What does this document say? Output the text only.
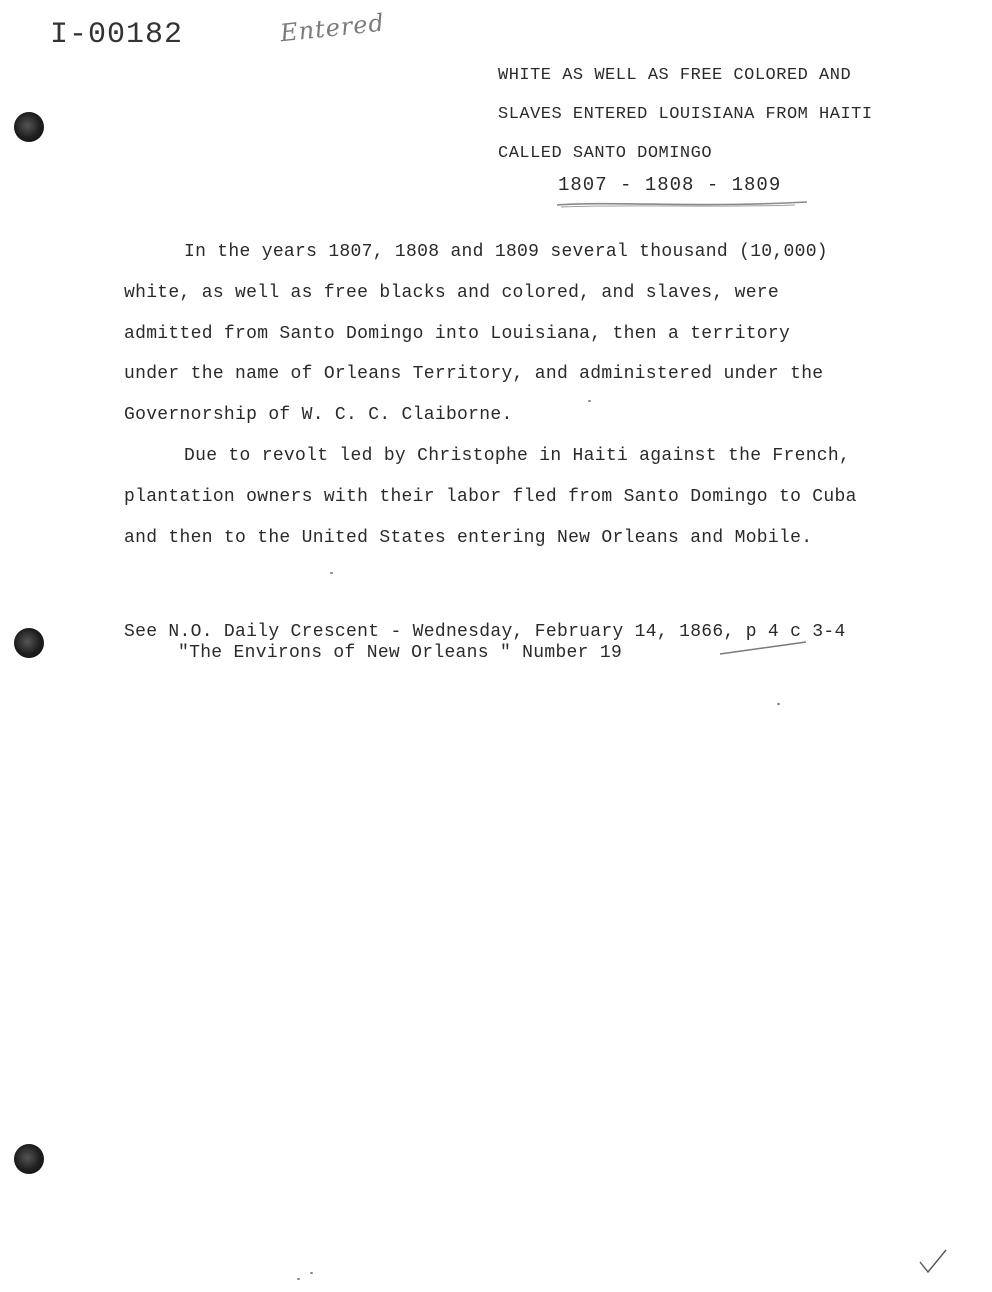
I-00182	Entered
WHITE AS WELL AS FREE COLORED AND
SLAVES ENTERED LOUISIANA FROM HAITI
CALLED SANTO DOMINGO
1807 - 1808 - 1809
In the years 1807, 1808 and 1809 several thousand (10,000)
white, as well as free blacks and colored, and slaves, were
admitted from Santo Domingo into Louisiana, then a territory
under the name of Orleans Territory, and administered under the
Governorship of W. C. C. Claiborne.
Due to revolt led by Christophe in Haiti against the French,
plantation owners with their labor fled from Santo Domingo to Cuba
and then to the United States entering New Orleans and Mobile.
See N.O. Daily Crescent - Wednesday, February 14, 1866, p 4 c 3-4
"The Environs of New Orleans " Number 19
